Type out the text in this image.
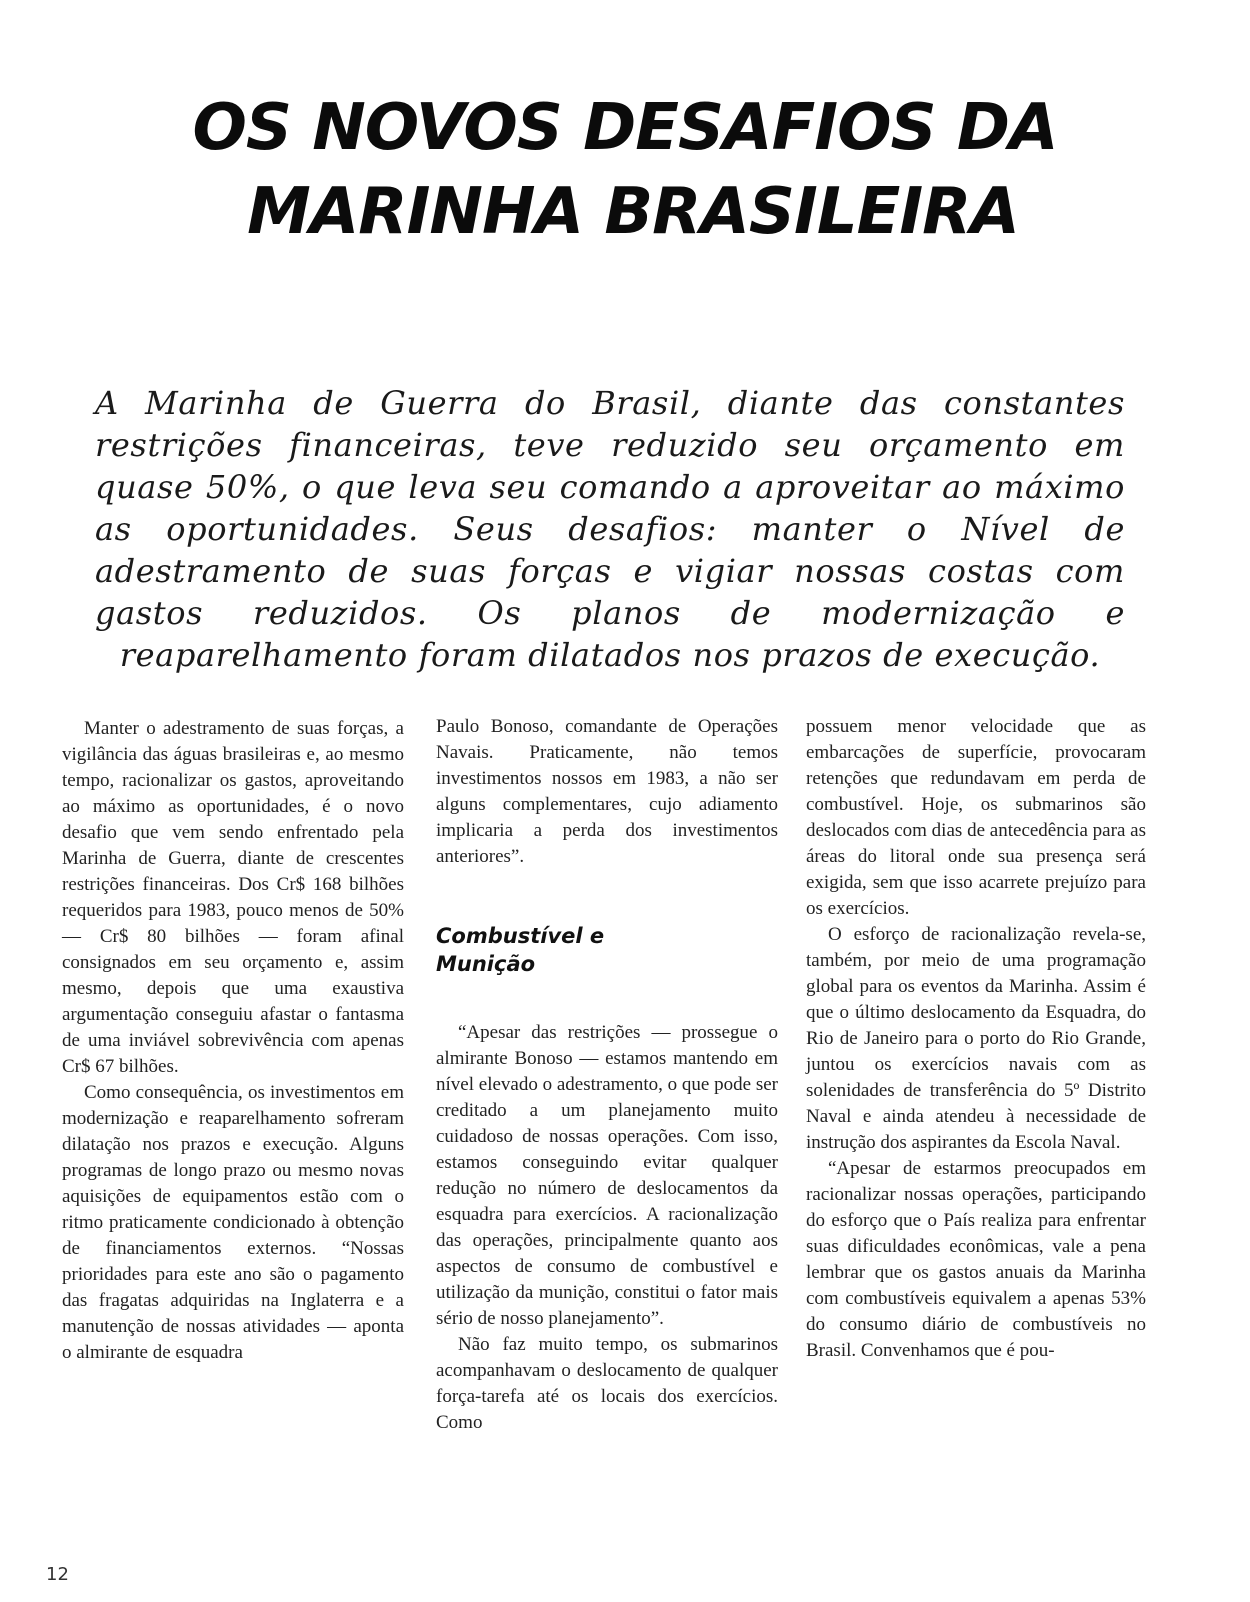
OS NOVOS DESAFIOS DA
MARINHA BRASILEIRA
A Marinha de Guerra do Brasil, diante das constantes restrições financeiras, teve reduzido seu orçamento em quase 50%, o que leva seu comando a aproveitar ao máximo as oportunidades. Seus desafios: manter o Nível de adestramento de suas forças e vigiar nossas costas com gastos reduzidos. Os planos de modernização e reaparelhamento foram dilatados nos prazos de execução.

Manter o adestramento de suas forças, a vigilância das águas brasileiras e, ao mesmo tempo, racionalizar os gastos, aproveitando ao máximo as oportunidades, é o novo desafio que vem sendo enfrentado pela Marinha de Guerra, diante de crescentes restrições financeiras. Dos Cr$ 168 bilhões requeridos para 1983, pouco menos de 50% — Cr$ 80 bilhões — foram afinal consignados em seu orçamento e, assim mesmo, depois que uma exaustiva argumentação conseguiu afastar o fantasma de uma inviável sobrevivência com apenas Cr$ 67 bilhões.

Como consequência, os investimentos em modernização e reaparelhamento sofreram dilatação nos prazos e execução. Alguns programas de longo prazo ou mesmo novas aquisições de equipamentos estão com o ritmo praticamente condicionado à obtenção de financiamentos externos. “Nossas prioridades para este ano são o pagamento das fragatas adquiridas na Inglaterra e a manutenção de nossas atividades — aponta o almirante de esquadra

Paulo Bonoso, comandante de Operações Navais. Praticamente, não temos investimentos nossos em 1983, a não ser alguns complementares, cujo adiamento implicaria a perda dos investimentos anteriores”.

Combustível e
Munição

“Apesar das restrições — prossegue o almirante Bonoso — estamos mantendo em nível elevado o adestramento, o que pode ser creditado a um planejamento muito cuidadoso de nossas operações. Com isso, estamos conseguindo evitar qualquer redução no número de deslocamentos da esquadra para exercícios. A racionalização das operações, principalmente quanto aos aspectos de consumo de combustível e utilização da munição, constitui o fator mais sério de nosso planejamento”.

Não faz muito tempo, os submarinos acompanhavam o deslocamento de qualquer força-tarefa até os locais dos exercícios. Como

possuem menor velocidade que as embarcações de superfície, provocaram retenções que redundavam em perda de combustível. Hoje, os submarinos são deslocados com dias de antecedência para as áreas do litoral onde sua presença será exigida, sem que isso acarrete prejuízo para os exercícios.

O esforço de racionalização revela-se, também, por meio de uma programação global para os eventos da Marinha. Assim é que o último deslocamento da Esquadra, do Rio de Janeiro para o porto do Rio Grande, juntou os exercícios navais com as solenidades de transferência do 5º Distrito Naval e ainda atendeu à necessidade de instrução dos aspirantes da Escola Naval.

“Apesar de estarmos preocupados em racionalizar nossas operações, participando do esforço que o País realiza para enfrentar suas dificuldades econômicas, vale a pena lembrar que os gastos anuais da Marinha com combustíveis equivalem a apenas 53% do consumo diário de combustíveis no Brasil. Convenhamos que é pou-

12
